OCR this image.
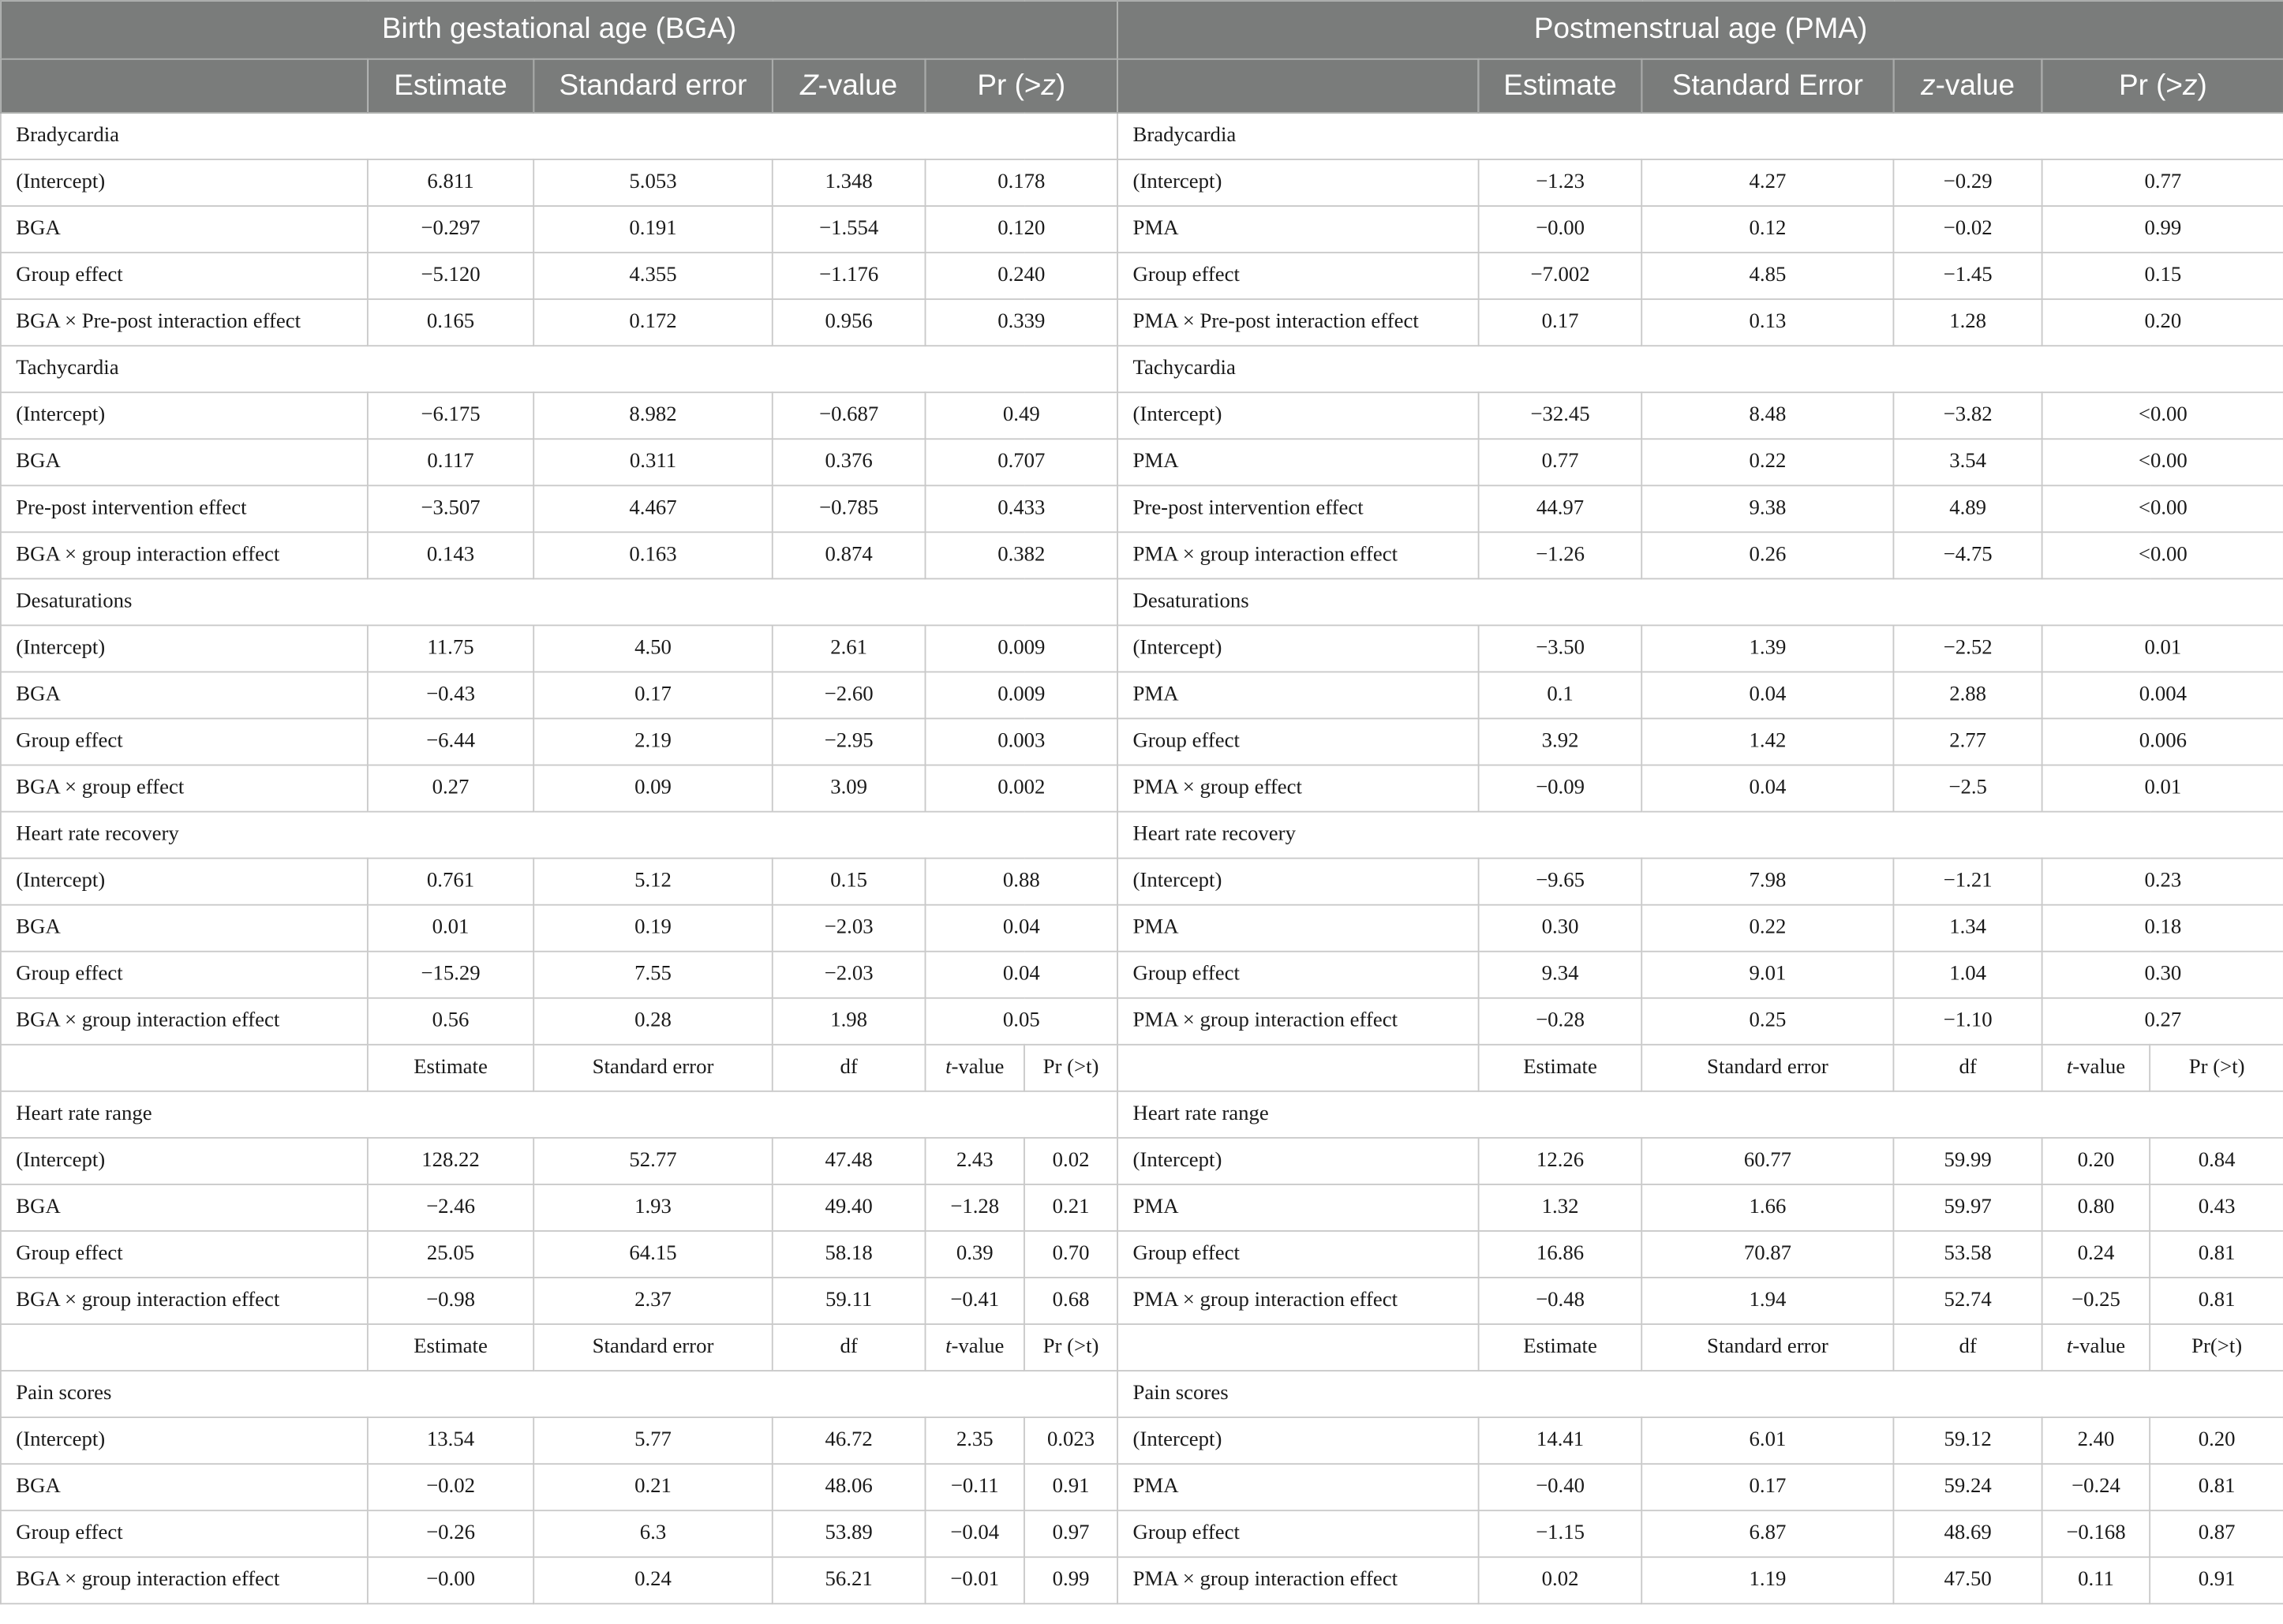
Birth gestational age (BGA)						Postmenstrual age (PMA)					
	Estimate	Standard error	Z-value	Pr (>z)			Estimate	Standard Error	z-value	Pr (>z)	
Bradycardia						Bradycardia					
(Intercept)	6.811	5.053	1.348	0.178		(Intercept)	−1.23	4.27	−0.29	0.77	
BGA	−0.297	0.191	−1.554	0.120		PMA	−0.00	0.12	−0.02	0.99	
Group effect	−5.120	4.355	−1.176	0.240		Group effect	−7.002	4.85	−1.45	0.15	
BGA × Pre-post interaction effect	0.165	0.172	0.956	0.339		PMA × Pre-post interaction effect	0.17	0.13	1.28	0.20	
Tachycardia						Tachycardia					
(Intercept)	−6.175	8.982	−0.687	0.49		(Intercept)	−32.45	8.48	−3.82	<0.00	
BGA	0.117	0.311	0.376	0.707		PMA	0.77	0.22	3.54	<0.00	
Pre-post intervention effect	−3.507	4.467	−0.785	0.433		Pre-post intervention effect	44.97	9.38	4.89	<0.00	
BGA × group interaction effect	0.143	0.163	0.874	0.382		PMA × group interaction effect	−1.26	0.26	−4.75	<0.00	
Desaturations						Desaturations					
(Intercept)	11.75	4.50	2.61	0.009		(Intercept)	−3.50	1.39	−2.52	0.01	
BGA	−0.43	0.17	−2.60	0.009		PMA	0.1	0.04	2.88	0.004	
Group effect	−6.44	2.19	−2.95	0.003		Group effect	3.92	1.42	2.77	0.006	
BGA × group effect	0.27	0.09	3.09	0.002		PMA × group effect	−0.09	0.04	−2.5	0.01	
Heart rate recovery						Heart rate recovery					
(Intercept)	0.761	5.12	0.15	0.88		(Intercept)	−9.65	7.98	−1.21	0.23	
BGA	0.01	0.19	−2.03	0.04		PMA	0.30	0.22	1.34	0.18	
Group effect	−15.29	7.55	−2.03	0.04		Group effect	9.34	9.01	1.04	0.30	
BGA × group interaction effect	0.56	0.28	1.98	0.05		PMA × group interaction effect	−0.28	0.25	−1.10	0.27	
	Estimate	Standard error	df	t-value	Pr (>t)		Estimate	Standard error	df	t-value	Pr (>t)
Heart rate range						Heart rate range					
(Intercept)	128.22	52.77	47.48	2.43	0.02	(Intercept)	12.26	60.77	59.99	0.20	0.84
BGA	−2.46	1.93	49.40	−1.28	0.21	PMA	1.32	1.66	59.97	0.80	0.43
Group effect	25.05	64.15	58.18	0.39	0.70	Group effect	16.86	70.87	53.58	0.24	0.81
BGA × group interaction effect	−0.98	2.37	59.11	−0.41	0.68	PMA × group interaction effect	−0.48	1.94	52.74	−0.25	0.81
	Estimate	Standard error	df	t-value	Pr (>t)		Estimate	Standard error	df	t-value	Pr(>t)
Pain scores						Pain scores					
(Intercept)	13.54	5.77	46.72	2.35	0.023	(Intercept)	14.41	6.01	59.12	2.40	0.20
BGA	−0.02	0.21	48.06	−0.11	0.91	PMA	−0.40	0.17	59.24	−0.24	0.81
Group effect	−0.26	6.3	53.89	−0.04	0.97	Group effect	−1.15	6.87	48.69	−0.168	0.87
BGA × group interaction effect	−0.00	0.24	56.21	−0.01	0.99	PMA × group interaction effect	0.02	1.19	47.50	0.11	0.91
